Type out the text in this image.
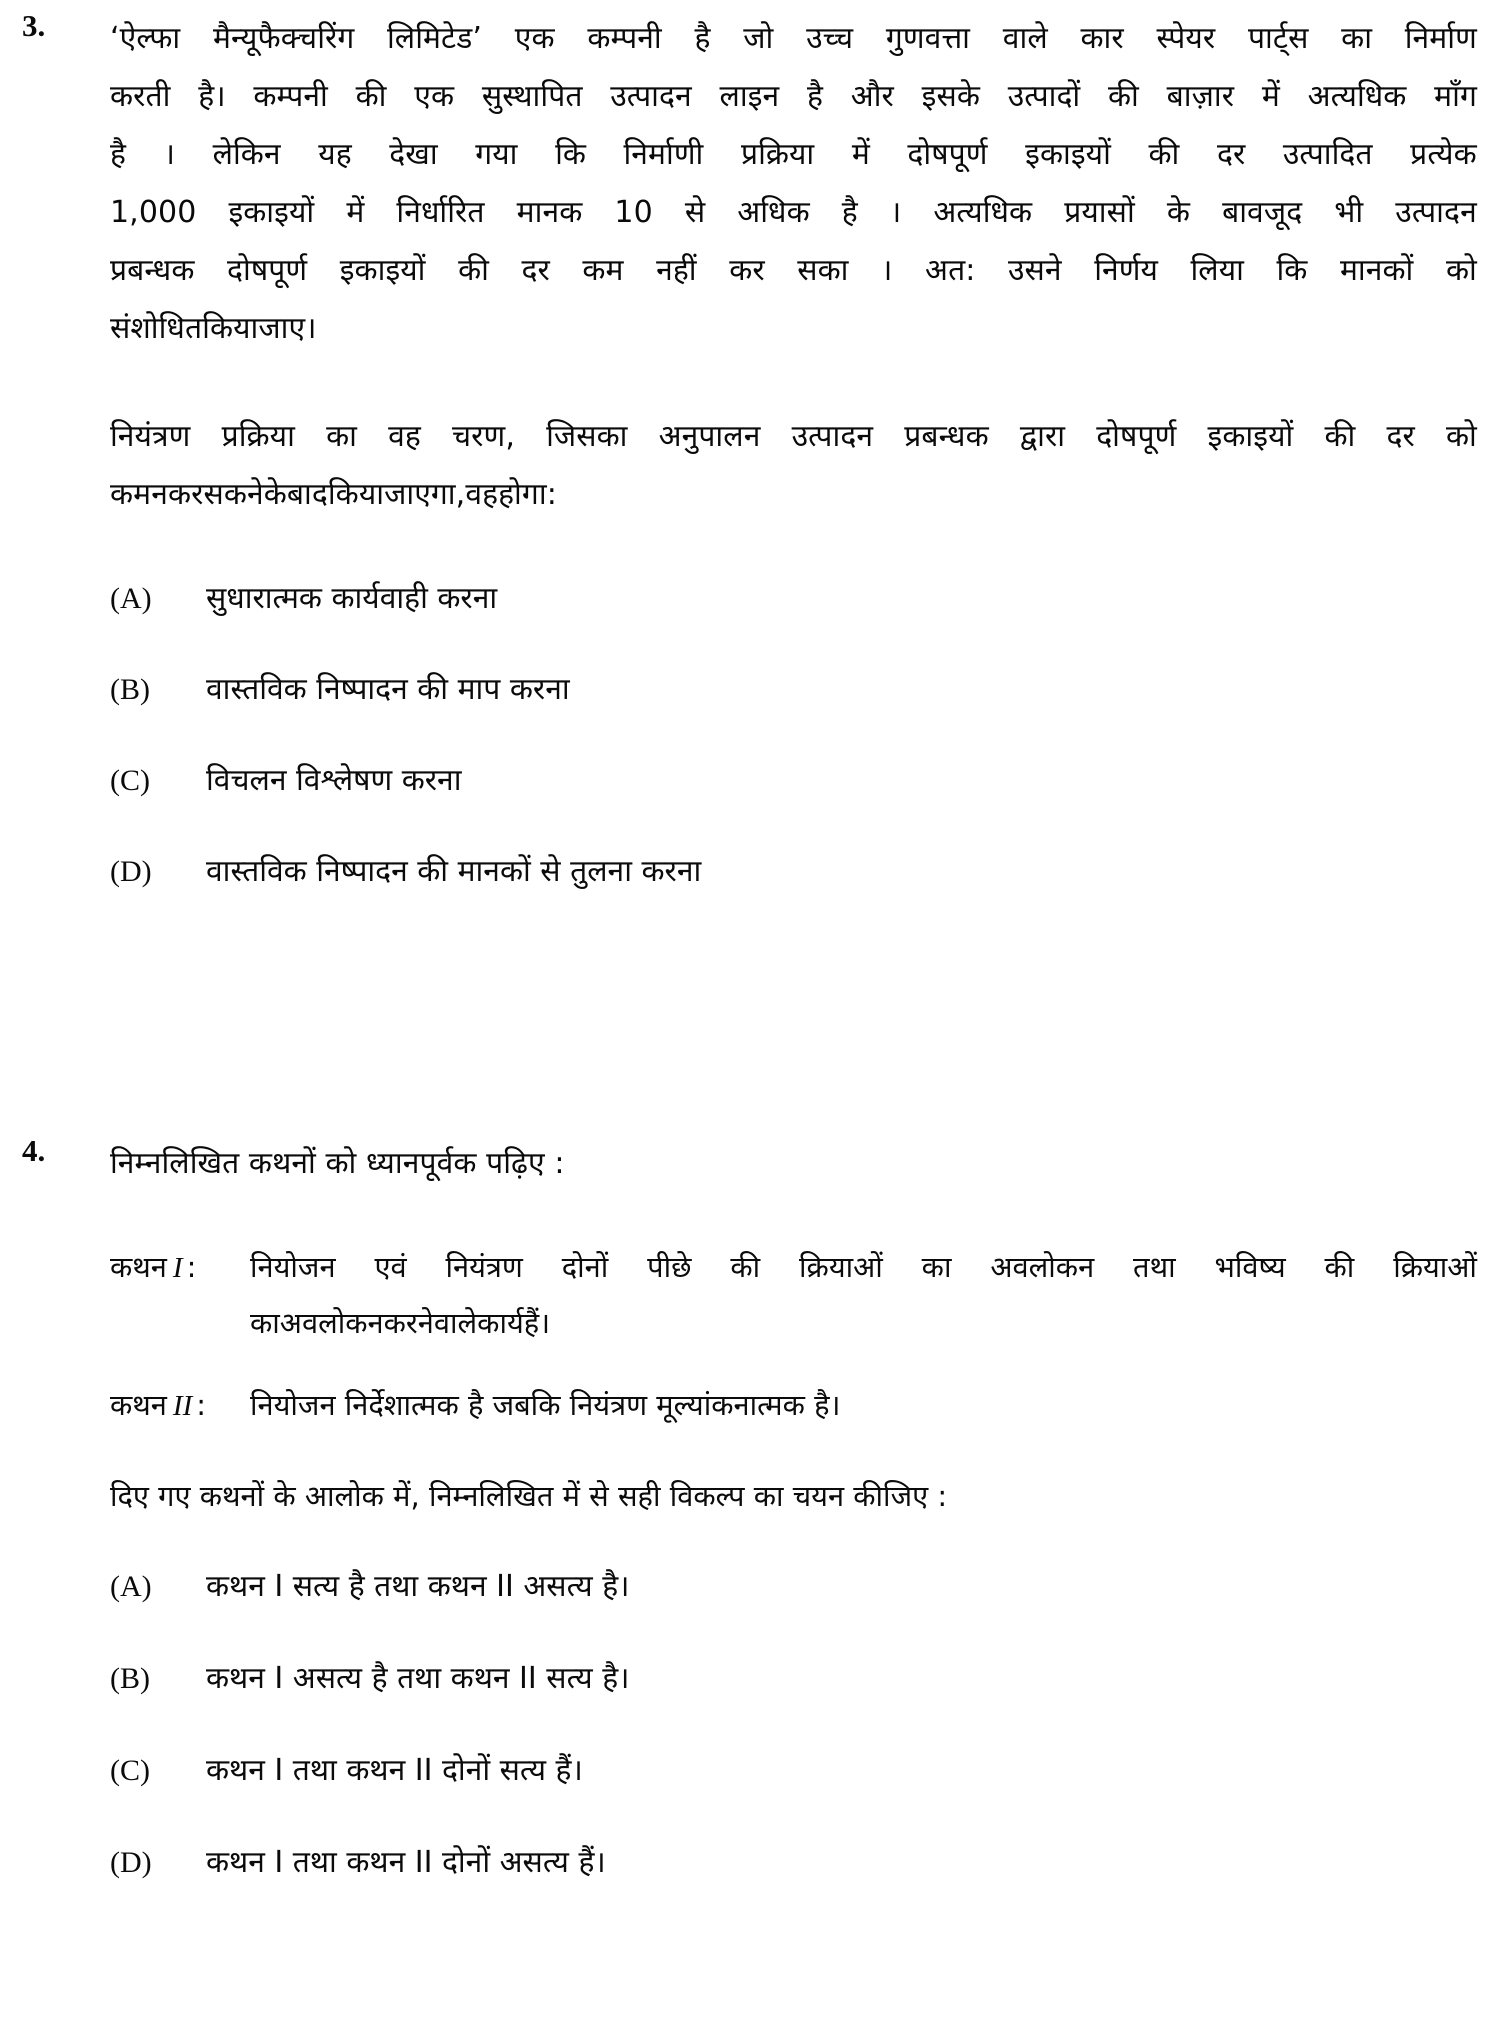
3.	‘ऐल्फा मैन्यूफैक्चरिंग लिमिटेड’ एक कम्पनी है जो उच्च गुणवत्ता वाले कार स्पेयर पार्ट्स का निर्माण
करती है। कम्पनी की एक सुस्थापित उत्पादन लाइन है और इसके उत्पादों की बाज़ार में अत्यधिक माँग
है । लेकिन यह देखा गया कि निर्माणी प्रक्रिया में दोषपूर्ण इकाइयों की दर उत्पादित प्रत्येक
1,000 इकाइयों में निर्धारित मानक 10 से अधिक है । अत्यधिक प्रयासों के बावजूद भी उत्पादन
प्रबन्धक दोषपूर्ण इकाइयों की दर कम नहीं कर सका । अत: उसने निर्णय लिया कि मानकों को
संशोधित किया जाए।
नियंत्रण प्रक्रिया का वह चरण, जिसका अनुपालन उत्पादन प्रबन्धक द्वारा दोषपूर्ण इकाइयों की दर को
कम न कर सकने के बाद किया जाएगा, वह होगा :
(A)	सुधारात्मक कार्यवाही करना
(B)	वास्तविक निष्पादन की माप करना
(C)	विचलन विश्लेषण करना
(D)	वास्तविक निष्पादन की मानकों से तुलना करना
4.	निम्नलिखित कथनों को ध्यानपूर्वक पढ़िए :
कथन I :	नियोजन एवं नियंत्रण दोनों पीछे की क्रियाओं का अवलोकन तथा भविष्य की क्रियाओं
का अवलोकन करने वाले कार्य हैं।
कथन II :	नियोजन निर्देशात्मक है जबकि नियंत्रण मूल्यांकनात्मक है।
दिए गए कथनों के आलोक में, निम्नलिखित में से सही विकल्प का चयन कीजिए :
(A)	कथन I सत्य है तथा कथन II असत्य है।
(B)	कथन I असत्य है तथा कथन II सत्य है।
(C)	कथन I तथा कथन II दोनों सत्य हैं।
(D)	कथन I तथा कथन II दोनों असत्य हैं।
